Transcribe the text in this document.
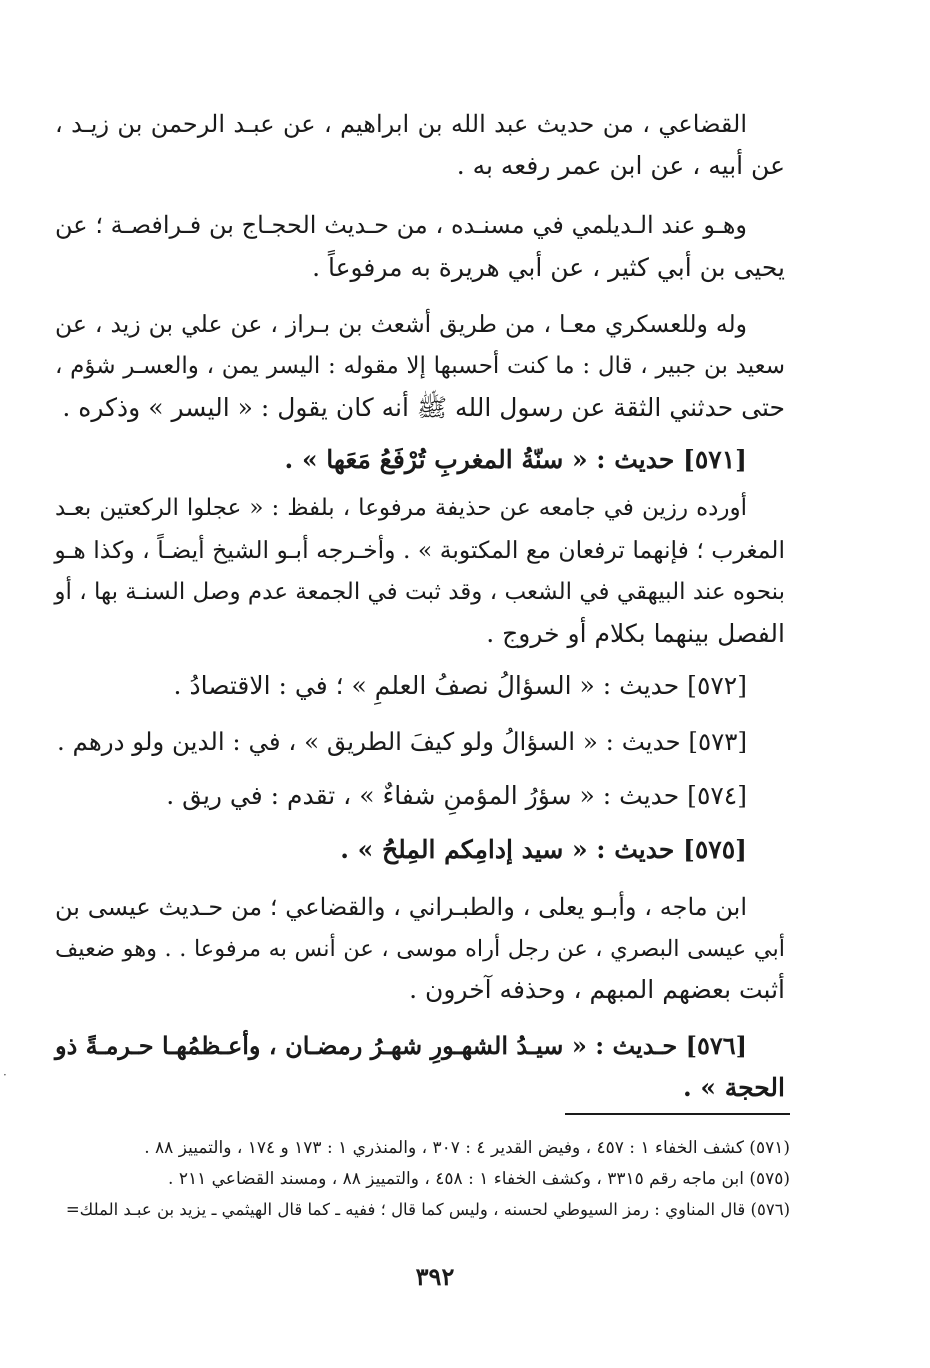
القضاعي ، من حديث عبد الله بن ابراهيم ، عن عبـد الرحمن بن زيـد ،
عن أبيه ، عن ابن عمر رفعه به .
وهـو عند الـديلمي في مسنـده ، من حـديث الحجـاج بن فـرافصـة ؛ عن
يحيى بن أبي كثير ، عن أبي هريرة به مرفوعاً .
وله وللعسكري معـا ، من طريق أشعث بن بـراز ، عن علي بن زيد ، عن
سعيد بن جبير ، قال : ما كنت أحسبها إلا مقوله : اليسر يمن ، والعسـر شؤم ،
حتى حدثني الثقة عن رسول الله ﷺ أنه كان يقول : « اليسر » وذكره .
[٥٧١] حديث : « سنّةُ المغربِ تُرْفَعُ مَعَها » .
أورده رزين في جامعه عن حذيفة مرفوعا ، بلفظ : « عجلوا الركعتين بعـد
المغرب ؛ فإنهما ترفعان مع المكتوبة » . وأخـرجه أبـو الشيخ أيضـاً ، وكذا هـو
بنحوه عند البيهقي في الشعب ، وقد ثبت في الجمعة عدم وصل السنـة بها ، أو
الفصل بينهما بكلام أو خروج .
[٥٧٢] حديث : « السؤالُ نصفُ العلمِ » ؛ في : الاقتصادُ .
[٥٧٣] حديث : « السؤالُ ولو كيفَ الطريق » ، في : الدين ولو درهم .
[٥٧٤] حديث : « سؤرُ المؤمنِ شفاءٌ » ، تقدم : في ريق .
[٥٧٥] حديث : « سيد إدامِكم المِلحُ » .
ابن ماجه ، وأبـو يعلى ، والطبـراني ، والقضاعي ؛ من حـديث عيسى بن
أبي عيسى البصري ، عن رجل أراه موسى ، عن أنس به مرفوعا . . وهو ضعيف
أثبت بعضهم المبهم ، وحذفه آخرون .
[٥٧٦] حـديث : « سيـدُ الشهـورِ شهـرُ رمضـان ، وأعـظمُهـا حـرمـةً ذو
الحجة » .
(٥٧١) كشف الخفاء ١ : ٤٥٧ ، وفيض القدير ٤ : ٣٠٧ ، والمنذري ١ : ١٧٣ و ١٧٤ ، والتمييز ٨٨ .
(٥٧٥) ابن ماجه رقم ٣٣١٥ ، وكشف الخفاء ١ : ٤٥٨ ، والتمييز ٨٨ ، ومسند القضاعي ٢١١ .
(٥٧٦) قال المناوي : رمز السيوطي لحسنه ، وليس كما قال ؛ ففيه ـ كما قال الهيثمي ـ يزيد بن عبـد الملك=
٣٩٢
·
